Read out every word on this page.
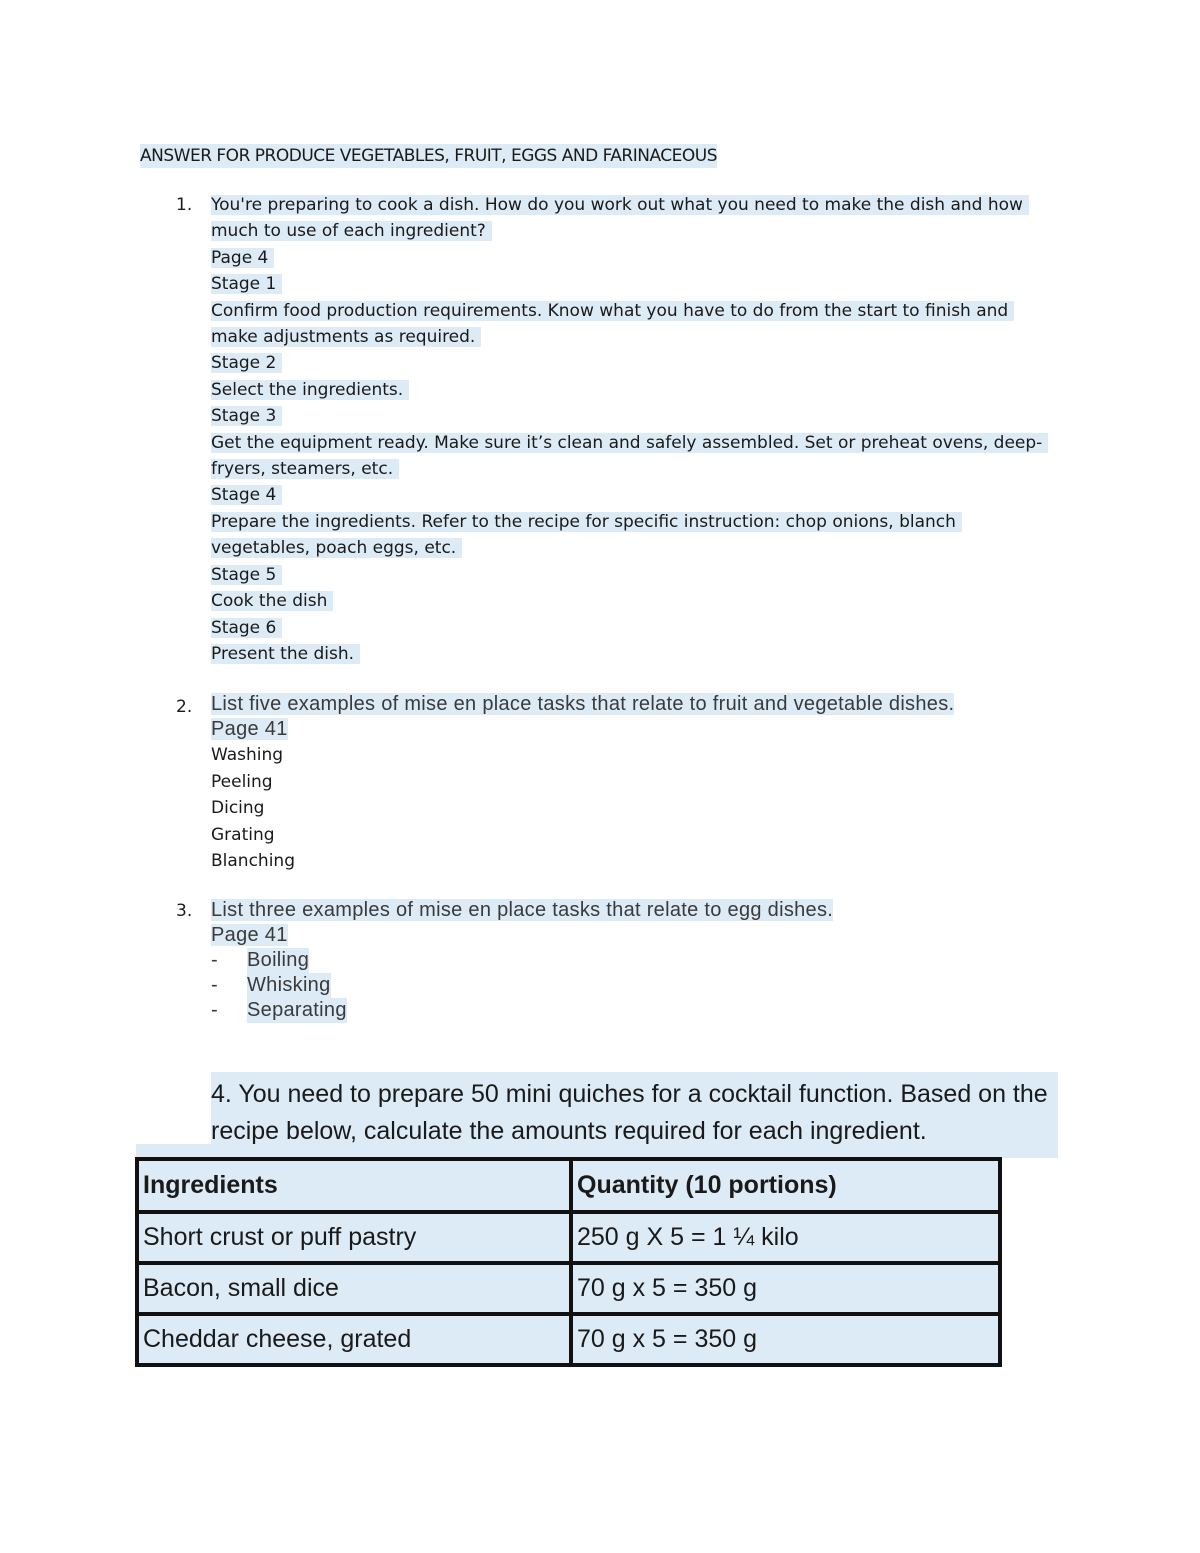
ANSWER FOR PRODUCE VEGETABLES, FRUIT, EGGS AND FARINACEOUS
1. You're preparing to cook a dish. How do you work out what you need to make the dish and how
much to use of each ingredient?
Page 4
Stage 1
Confirm food production requirements. Know what you have to do from the start to finish and
make adjustments as required.
Stage 2
Select the ingredients.
Stage 3
Get the equipment ready. Make sure it’s clean and safely assembled. Set or preheat ovens, deep-
fryers, steamers, etc.
Stage 4
Prepare the ingredients. Refer to the recipe for specific instruction: chop onions, blanch
vegetables, poach eggs, etc.
Stage 5
Cook the dish
Stage 6
Present the dish.
2. List five examples of mise en place tasks that relate to fruit and vegetable dishes.
Page 41
Washing
Peeling
Dicing
Grating
Blanching
3. List three examples of mise en place tasks that relate to egg dishes.
Page 41
- Boiling
- Whisking
- Separating
4. You need to prepare 50 mini quiches for a cocktail function. Based on the recipe below, calculate the amounts required for each ingredient.
Ingredients	Quantity (10 portions)
Short crust or puff pastry	250 g X 5 = 1 ¼ kilo
Bacon, small dice	70 g x 5 = 350 g
Cheddar cheese, grated	70 g x 5 = 350 g
